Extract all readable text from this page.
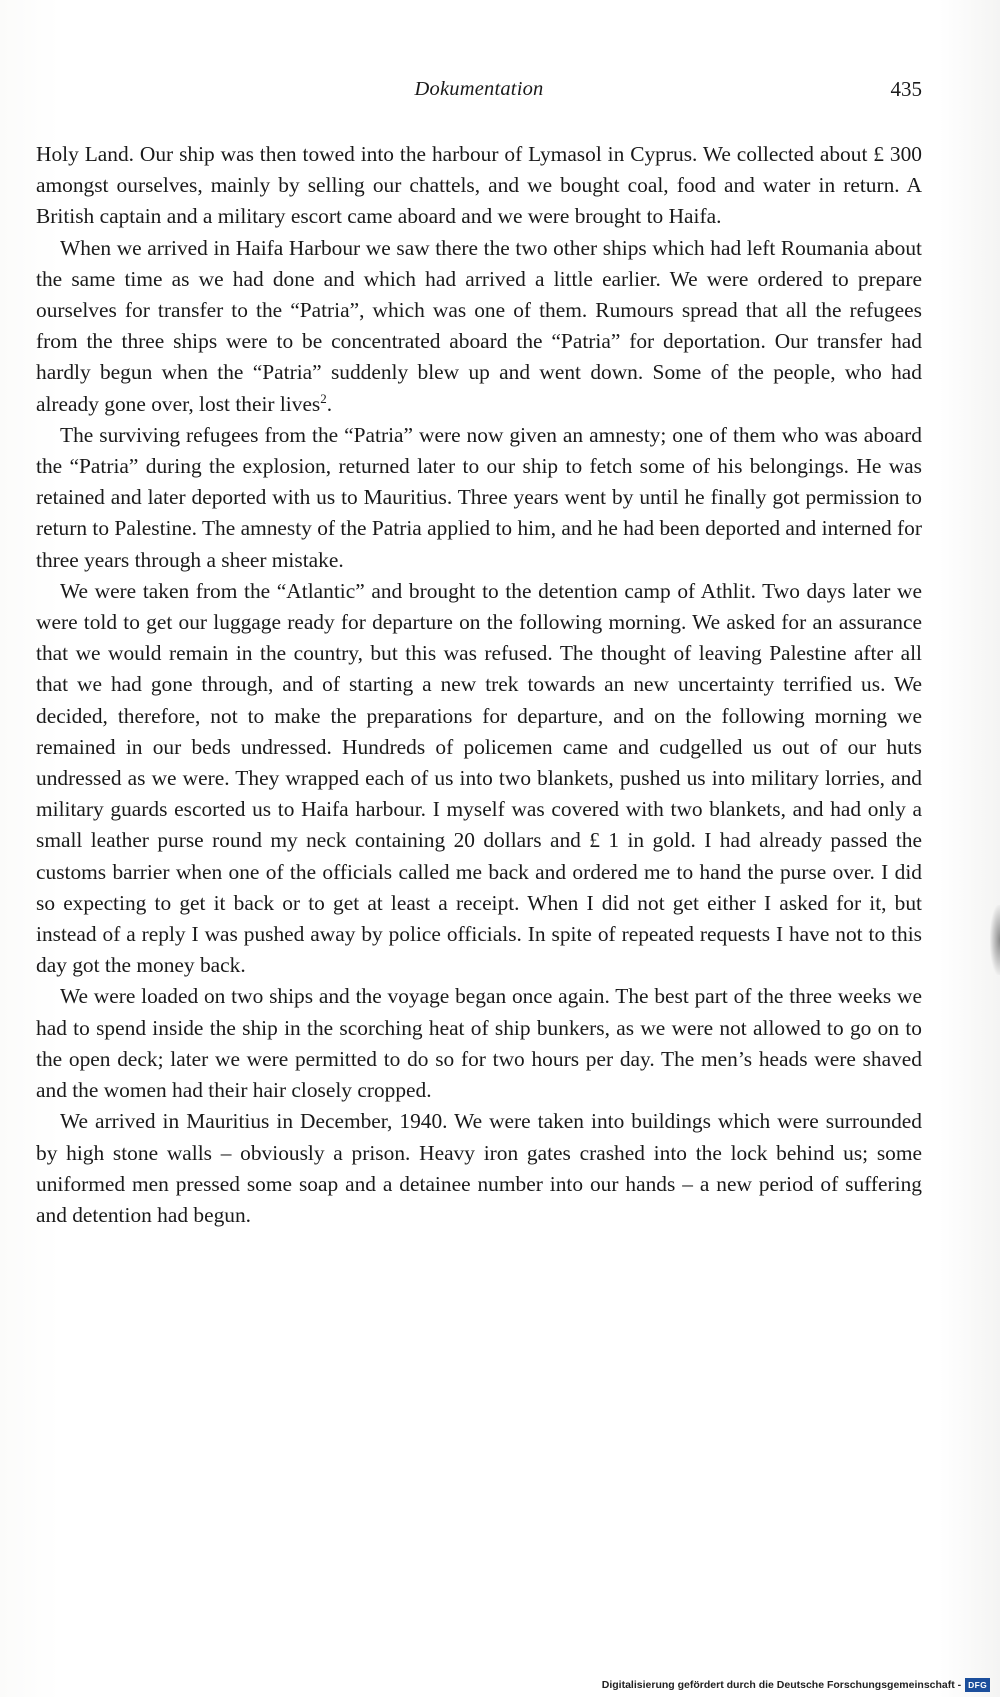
Dokumentation	435

Holy Land. Our ship was then towed into the harbour of Lymasol in Cyprus. We collected about £ 300 amongst ourselves, mainly by selling our chattels, and we bought coal, food and water in return. A British captain and a military escort came aboard and we were brought to Haifa.

When we arrived in Haifa Harbour we saw there the two other ships which had left Roumania about the same time as we had done and which had arrived a little earlier. We were ordered to prepare ourselves for transfer to the “Patria”, which was one of them. Rumours spread that all the refugees from the three ships were to be concentrated aboard the “Patria” for deportation. Our transfer had hardly begun when the “Patria” suddenly blew up and went down. Some of the people, who had already gone over, lost their lives$^2$.

The surviving refugees from the “Patria” were now given an amnesty; one of them who was aboard the “Patria” during the explosion, returned later to our ship to fetch some of his belongings. He was retained and later deported with us to Mauritius. Three years went by until he finally got permission to return to Palestine. The amnesty of the Patria applied to him, and he had been deported and interned for three years through a sheer mistake.

We were taken from the “Atlantic” and brought to the detention camp of Athlit. Two days later we were told to get our luggage ready for departure on the following morning. We asked for an assurance that we would remain in the country, but this was refused. The thought of leaving Palestine after all that we had gone through, and of starting a new trek towards an new uncertainty terrified us. We decided, therefore, not to make the preparations for departure, and on the following morning we remained in our beds undressed. Hundreds of policemen came and cudgelled us out of our huts undressed as we were. They wrapped each of us into two blankets, pushed us into military lorries, and military guards escorted us to Haifa harbour. I myself was covered with two blankets, and had only a small leather purse round my neck containing 20 dollars and £ 1 in gold. I had already passed the customs barrier when one of the officials called me back and ordered me to hand the purse over. I did so expecting to get it back or to get at least a receipt. When I did not get either I asked for it, but instead of a reply I was pushed away by police officials. In spite of repeated requests I have not to this day got the money back.

We were loaded on two ships and the voyage began once again. The best part of the three weeks we had to spend inside the ship in the scorching heat of ship bunkers, as we were not allowed to go on to the open deck; later we were permitted to do so for two hours per day. The men’s heads were shaved and the women had their hair closely cropped.

We arrived in Mauritius in December, 1940. We were taken into buildings which were surrounded by high stone walls – obviously a prison. Heavy iron gates crashed into the lock behind us; some uniformed men pressed some soap and a detainee number into our hands – a new period of suffering and detention had begun.

Digitalisierung gefördert durch die Deutsche Forschungsgemeinschaft - DFG
